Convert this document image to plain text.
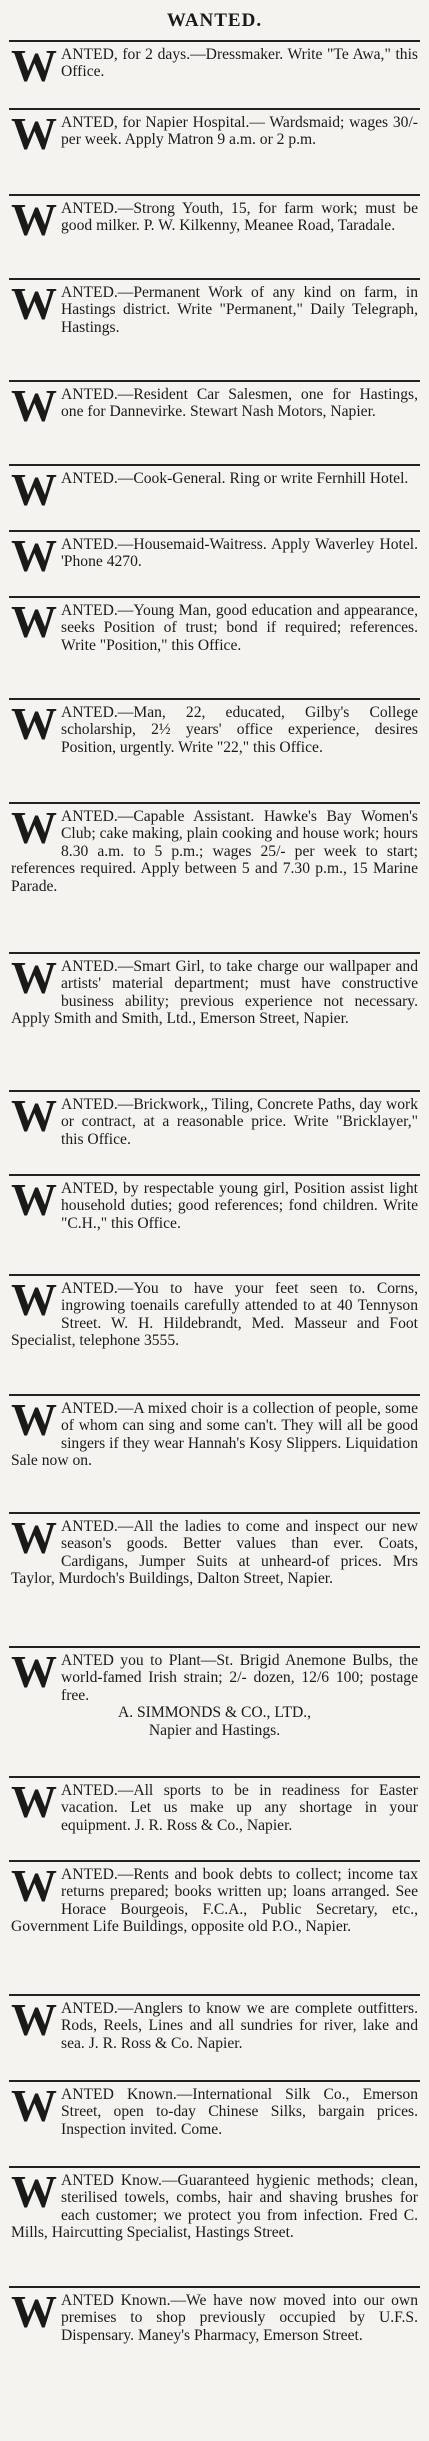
WANTED.

WANTED, for 2 days.—Dressmaker. Write "Te Awa," this Office.

WANTED, for Napier Hospital.— Wardsmaid; wages 30/- per week. Apply Matron 9 a.m. or 2 p.m.

WANTED.—Strong Youth, 15, for farm work; must be good milker. P. W. Kilkenny, Meanee Road, Taradale.

WANTED.—Permanent Work of any kind on farm, in Hastings district. Write "Permanent," Daily Telegraph, Hastings.

WANTED.—Resident Car Salesmen, one for Hastings, one for Dannevirke. Stewart Nash Motors, Napier.

WANTED.—Cook-General. Ring or write Fernhill Hotel.

WANTED.—Housemaid-Waitress. Apply Waverley Hotel. 'Phone 4270.

WANTED.—Young Man, good education and appearance, seeks Position of trust; bond if required; references. Write "Position," this Office.

WANTED.—Man, 22, educated, Gilby's College scholarship, 2½ years' office experience, desires Position, urgently. Write "22," this Office.

WANTED.—Capable Assistant. Hawke's Bay Women's Club; cake making, plain cooking and house work; hours 8.30 a.m. to 5 p.m.; wages 25/- per week to start; references required. Apply between 5 and 7.30 p.m., 15 Marine Parade.

WANTED.—Smart Girl, to take charge our wallpaper and artists' material department; must have constructive business ability; previous experience not necessary. Apply Smith and Smith, Ltd., Emerson Street, Napier.

WANTED.—Brickwork,, Tiling, Concrete Paths, day work or contract, at a reasonable price. Write "Bricklayer," this Office.

WANTED, by respectable young girl, Position assist light household duties; good references; fond children. Write "C.H.," this Office.

WANTED.—You to have your feet seen to. Corns, ingrowing toenails carefully attended to at 40 Tennyson Street. W. H. Hildebrandt, Med. Masseur and Foot Specialist, telephone 3555.

WANTED.—A mixed choir is a collection of people, some of whom can sing and some can't. They will all be good singers if they wear Hannah's Kosy Slippers. Liquidation Sale now on.

WANTED.—All the ladies to come and inspect our new season's goods. Better values than ever. Coats, Cardigans, Jumper Suits at unheard-of prices. Mrs Taylor, Murdoch's Buildings, Dalton Street, Napier.

WANTED you to Plant—St. Brigid Anemone Bulbs, the world-famed Irish strain; 2/- dozen, 12/6 100; postage free.

A. SIMMONDS & CO., LTD.,

Napier and Hastings.

WANTED.—All sports to be in readiness for Easter vacation. Let us make up any shortage in your equipment. J. R. Ross & Co., Napier.

WANTED.—Rents and book debts to collect; income tax returns prepared; books written up; loans arranged. See Horace Bourgeois, F.C.A., Public Secretary, etc., Government Life Buildings, opposite old P.O., Napier.

WANTED.—Anglers to know we are complete outfitters. Rods, Reels, Lines and all sundries for river, lake and sea. J. R. Ross & Co. Napier.

WANTED Known.—International Silk Co., Emerson Street, open to-day Chinese Silks, bargain prices. Inspection invited. Come.

WANTED Know.—Guaranteed hygienic methods; clean, sterilised towels, combs, hair and shaving brushes for each customer; we protect you from infection. Fred C. Mills, Haircutting Specialist, Hastings Street.

WANTED Known.—We have now moved into our own premises to shop previously occupied by U.F.S. Dispensary. Maney's Pharmacy, Emerson Street.
